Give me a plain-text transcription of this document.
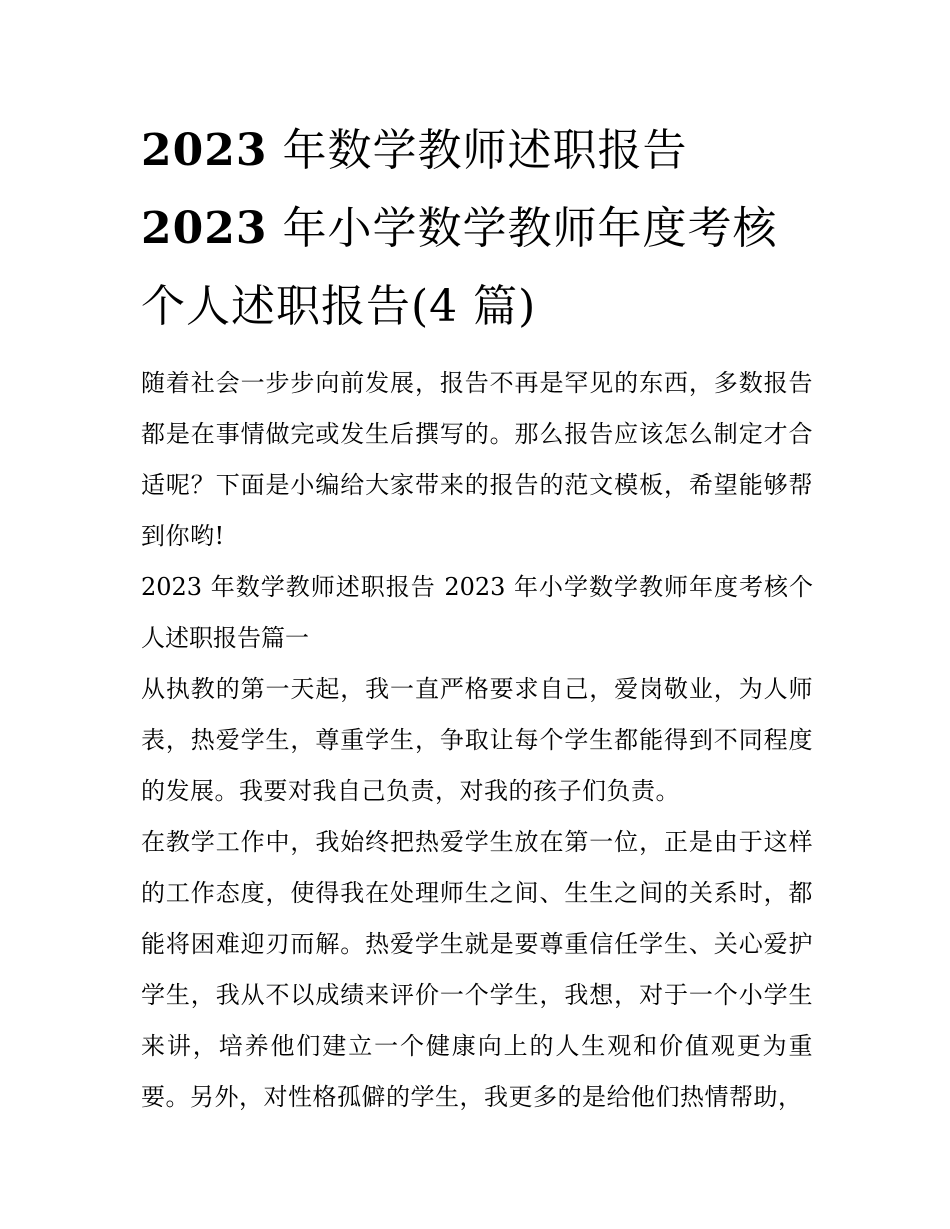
2023 年数学教师述职报告
2023 年小学数学教师年度考核
个人述职报告(4 篇)

随着社会一步步向前发展，报告不再是罕见的东西，多数报告都是在事情做完或发生后撰写的。那么报告应该怎么制定才合适呢？下面是小编给大家带来的报告的范文模板，希望能够帮到你哟!

2023 年数学教师述职报告 2023 年小学数学教师年度考核个人述职报告篇一

从执教的第一天起，我一直严格要求自己，爱岗敬业，为人师表，热爱学生，尊重学生，争取让每个学生都能得到不同程度的发展。我要对我自己负责，对我的孩子们负责。

在教学工作中，我始终把热爱学生放在第一位，正是由于这样的工作态度，使得我在处理师生之间、生生之间的关系时，都能将困难迎刃而解。热爱学生就是要尊重信任学生、关心爱护学生，我从不以成绩来评价一个学生，我想，对于一个小学生来讲，培养他们建立一个健康向上的人生观和价值观更为重要。另外，对性格孤僻的学生，我更多的是给他们热情帮助，
